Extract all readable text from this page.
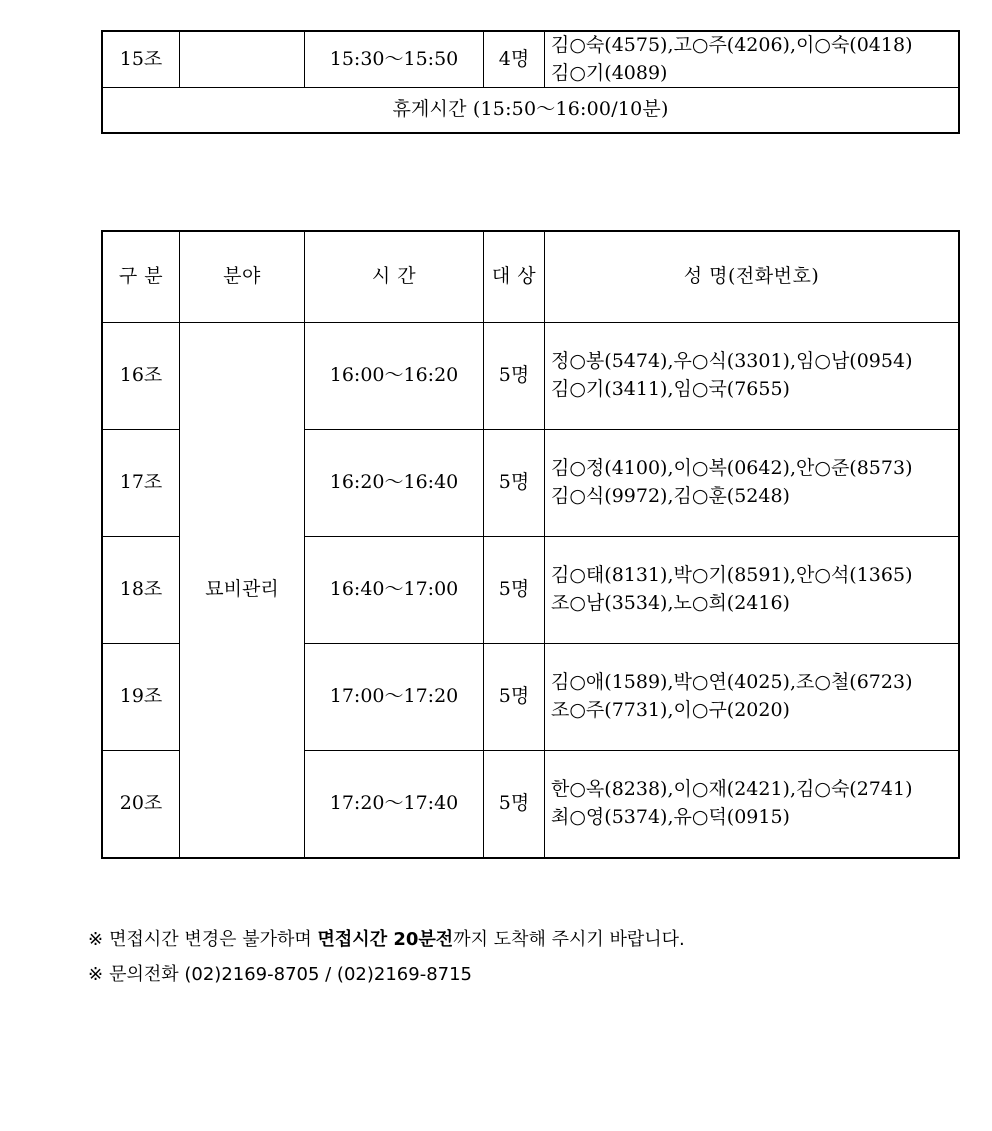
15조		15:30～15:50	4명	
김○숙(4575),고○주(4206),이○숙(0418)
김○기(4089)

휴게시간 (15:50～16:00/10분)
구 분	분야	시 간	대 상	성 명(전화번호)
16조	묘비관리	16:00～16:20	5명	정○봉(5474),우○식(3301),임○남(0954)
김○기(3411),임○국(7655)

17조		16:20～16:40	5명	김○정(4100),이○복(0642),안○준(8573)
김○식(9972),김○훈(5248)

18조		16:40～17:00	5명	김○태(8131),박○기(8591),안○석(1365)
조○남(3534),노○희(2416)

19조		17:00～17:20	5명	김○애(1589),박○연(4025),조○철(6723)
조○주(7731),이○구(2020)

20조		17:20～17:40	5명	한○옥(8238),이○재(2421),김○숙(2741)
최○영(5374),유○덕(0915)
※ 면접시간 변경은 불가하며 면접시간 20분전까지 도착해 주시기 바랍니다.
※ 문의전화 (02)2169-8705 / (02)2169-8715
